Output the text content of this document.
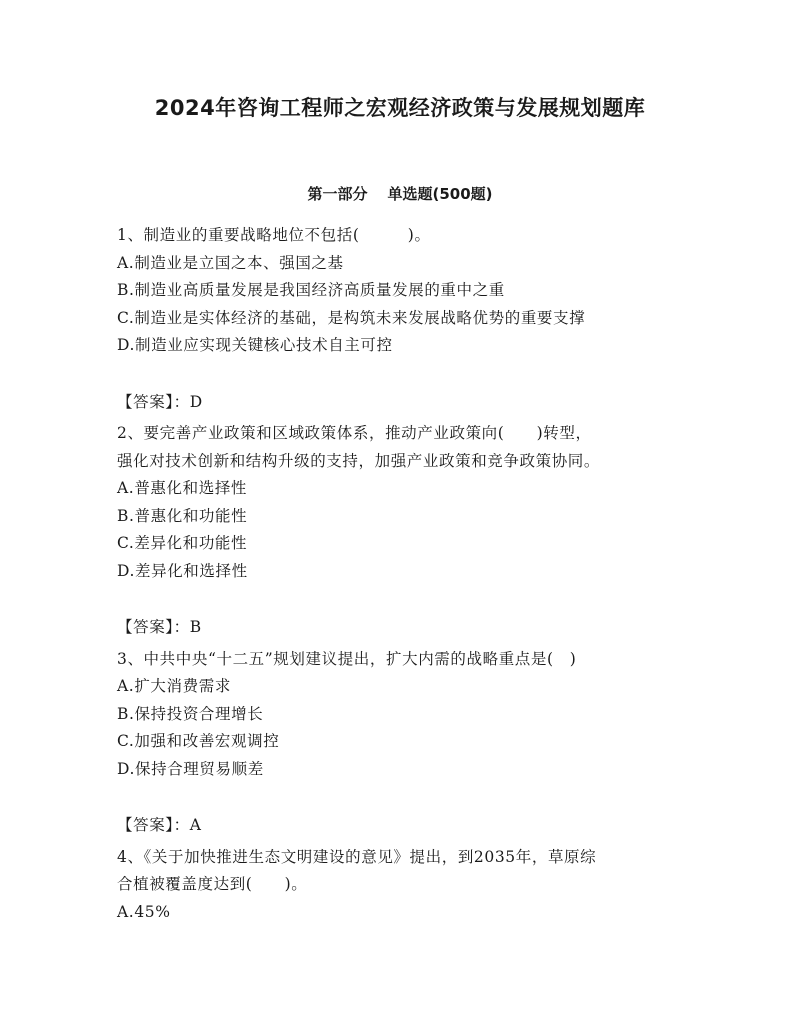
2024年咨询工程师之宏观经济政策与发展规划题库
第一部分 单选题(500题)

1、制造业的重要战略地位不包括(　　　)。

A.制造业是立国之本、强国之基

B.制造业高质量发展是我国经济高质量发展的重中之重

C.制造业是实体经济的基础，是构筑未来发展战略优势的重要支撑

D.制造业应实现关键核心技术自主可控

【答案】：D

2、要完善产业政策和区域政策体系，推动产业政策向(　　)转型，

强化对技术创新和结构升级的支持，加强产业政策和竞争政策协同。

A.普惠化和选择性

B.普惠化和功能性

C.差异化和功能性

D.差异化和选择性

【答案】：B

3、中共中央“十二五”规划建议提出，扩大内需的战略重点是(　)

A.扩大消费需求

B.保持投资合理增长

C.加强和改善宏观调控

D.保持合理贸易顺差

【答案】：A

4、《关于加快推进生态文明建设的意见》提出，到2035年，草原综

合植被覆盖度达到(　　)。

A.45%
